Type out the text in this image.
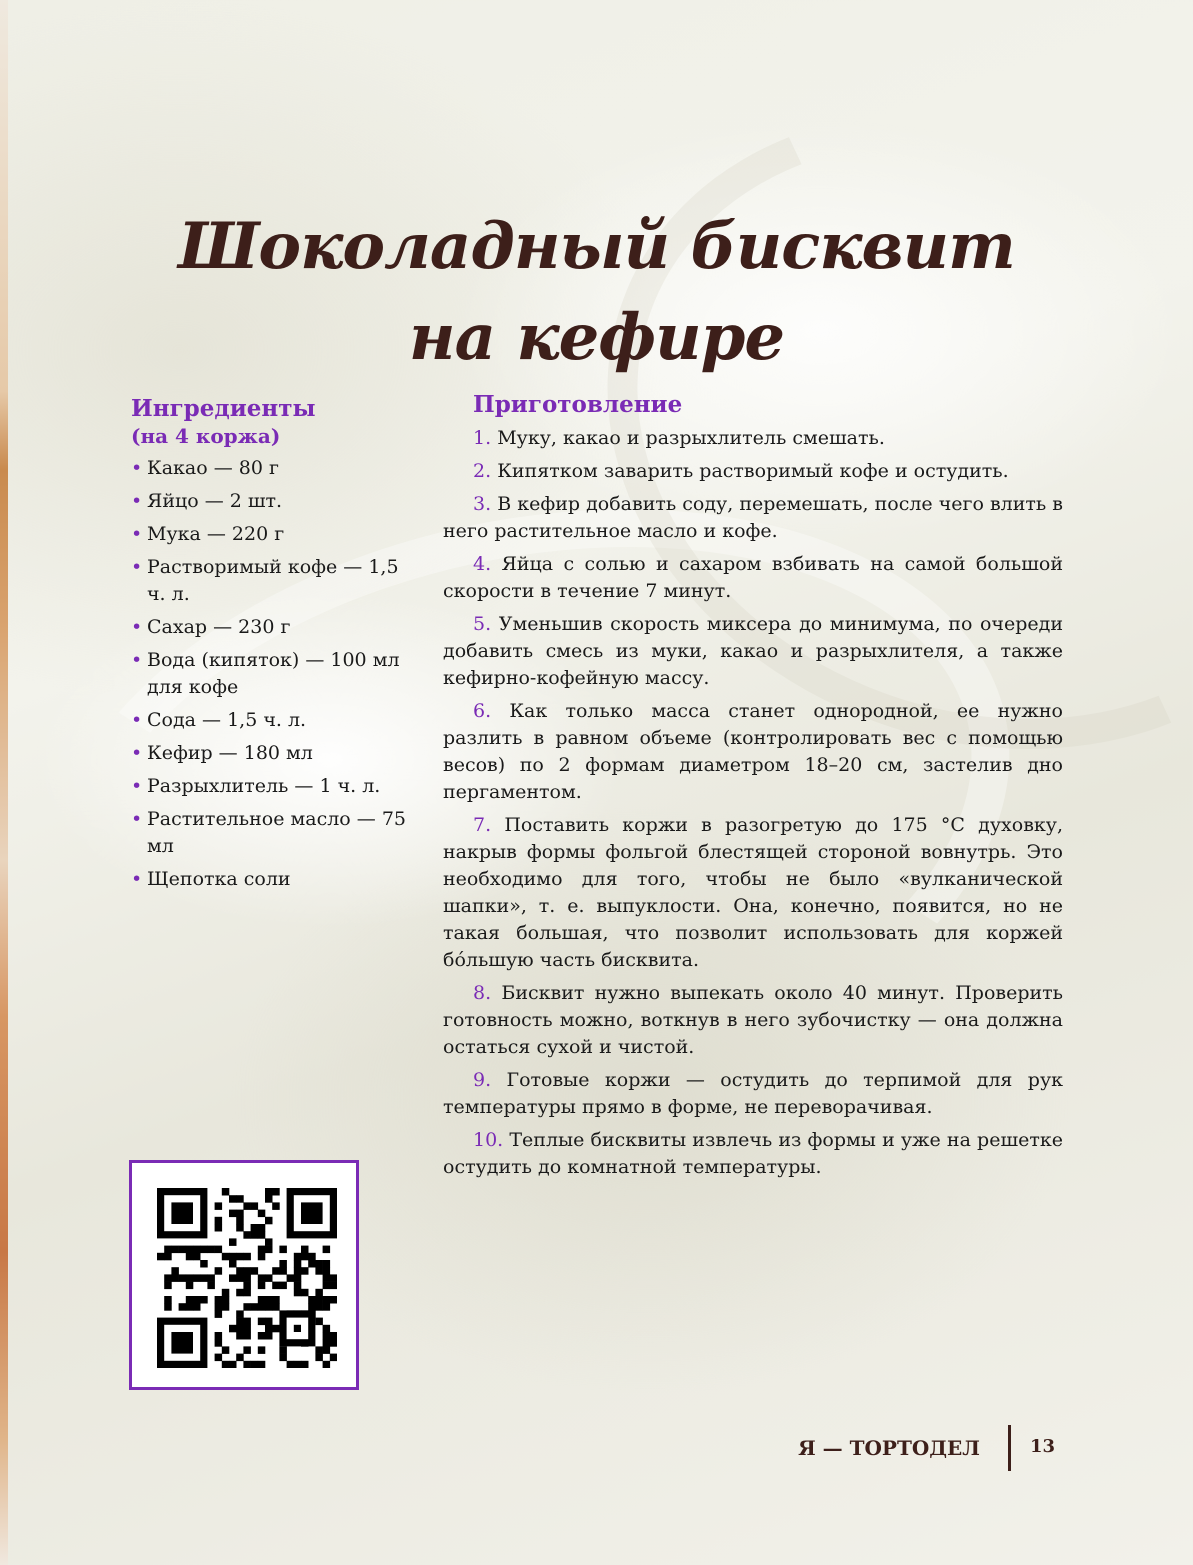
Шоколадный бисквит
на кефире
Ингредиенты
(на 4 коржа)
• Какао — 80 г
• Яйцо — 2 шт.
• Мука — 220 г
• Растворимый кофе — 1,5 ч. л.
• Сахар — 230 г
• Вода (кипяток) — 100 мл для кофе
• Сода — 1,5 ч. л.
• Кефир — 180 мл
• Разрыхлитель — 1 ч. л.
• Растительное масло — 75 мл
• Щепотка соли
Приготовление

1. Муку, какао и разрыхлитель смешать.

2. Кипятком заварить растворимый кофе и остудить.

3. В кефир добавить соду, перемешать, после чего влить в него растительное масло и кофе.

4. Яйца с солью и сахаром взбивать на самой большой скорости в течение 7 минут.

5. Уменьшив скорость миксера до минимума, по очереди добавить смесь из муки, какао и разрыхлителя, а также кефирно-кофейную массу.

6. Как только масса станет однородной, ее нужно разлить в равном объеме (контролировать вес с помощью весов) по 2 формам диаметром 18–20 см, застелив дно пергаментом.

7. Поставить коржи в разогретую до 175 °С духовку, накрыв формы фольгой блестящей стороной вовнутрь. Это необходимо для того, чтобы не было «вулканической шапки», т. е. выпуклости. Она, конечно, появится, но не такая большая, что позволит использовать для коржей бóльшую часть бисквита.

8. Бисквит нужно выпекать около 40 минут. Проверить готовность можно, воткнув в него зубочистку — она должна остаться сухой и чистой.

9. Готовые коржи — остудить до терпимой для рук температуры прямо в форме, не переворачивая.

10. Теплые бисквиты извлечь из формы и уже на решетке остудить до комнатной температуры.

Я — ТОРТОДЕЛ	13
